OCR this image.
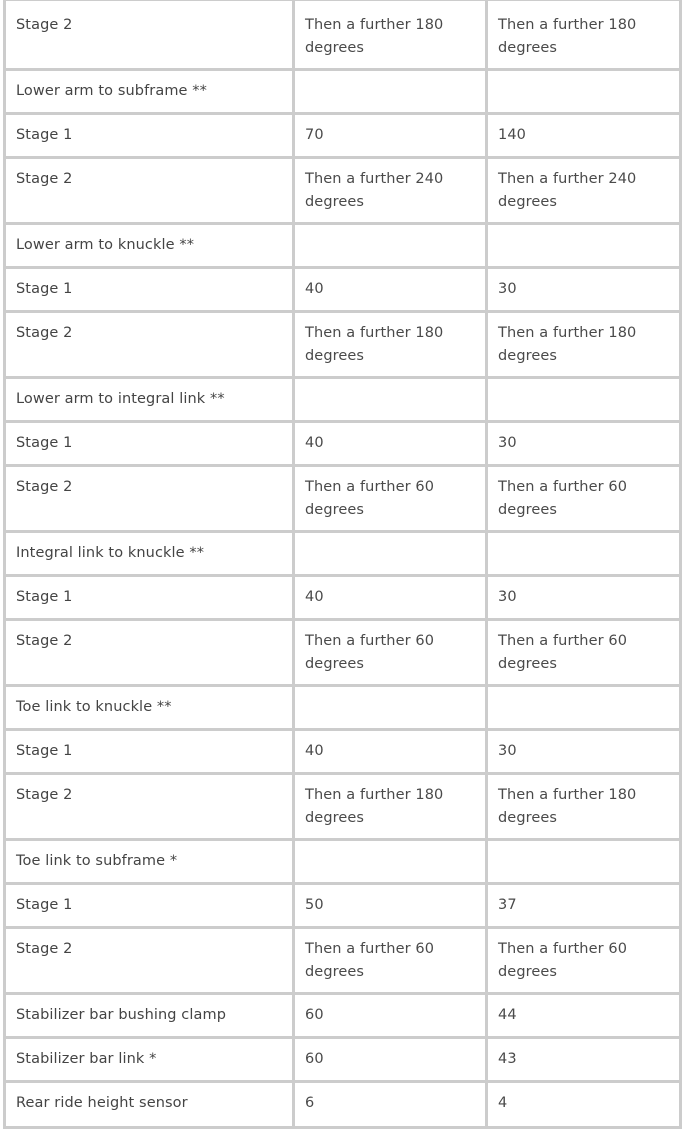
Stage 2	Then a further 180 degrees	Then a further 180 degrees
Lower arm to subframe **		
Stage 1	70	140
Stage 2	Then a further 240 degrees	Then a further 240 degrees
Lower arm to knuckle **		
Stage 1	40	30
Stage 2	Then a further 180 degrees	Then a further 180 degrees
Lower arm to integral link **		
Stage 1	40	30
Stage 2	Then a further 60 degrees	Then a further 60 degrees
Integral link to knuckle **		
Stage 1	40	30
Stage 2	Then a further 60 degrees	Then a further 60 degrees
Toe link to knuckle **		
Stage 1	40	30
Stage 2	Then a further 180 degrees	Then a further 180 degrees
Toe link to subframe *		
Stage 1	50	37
Stage 2	Then a further 60 degrees	Then a further 60 degrees
Stabilizer bar bushing clamp	60	44
Stabilizer bar link *	60	43
Rear ride height sensor	6	4
